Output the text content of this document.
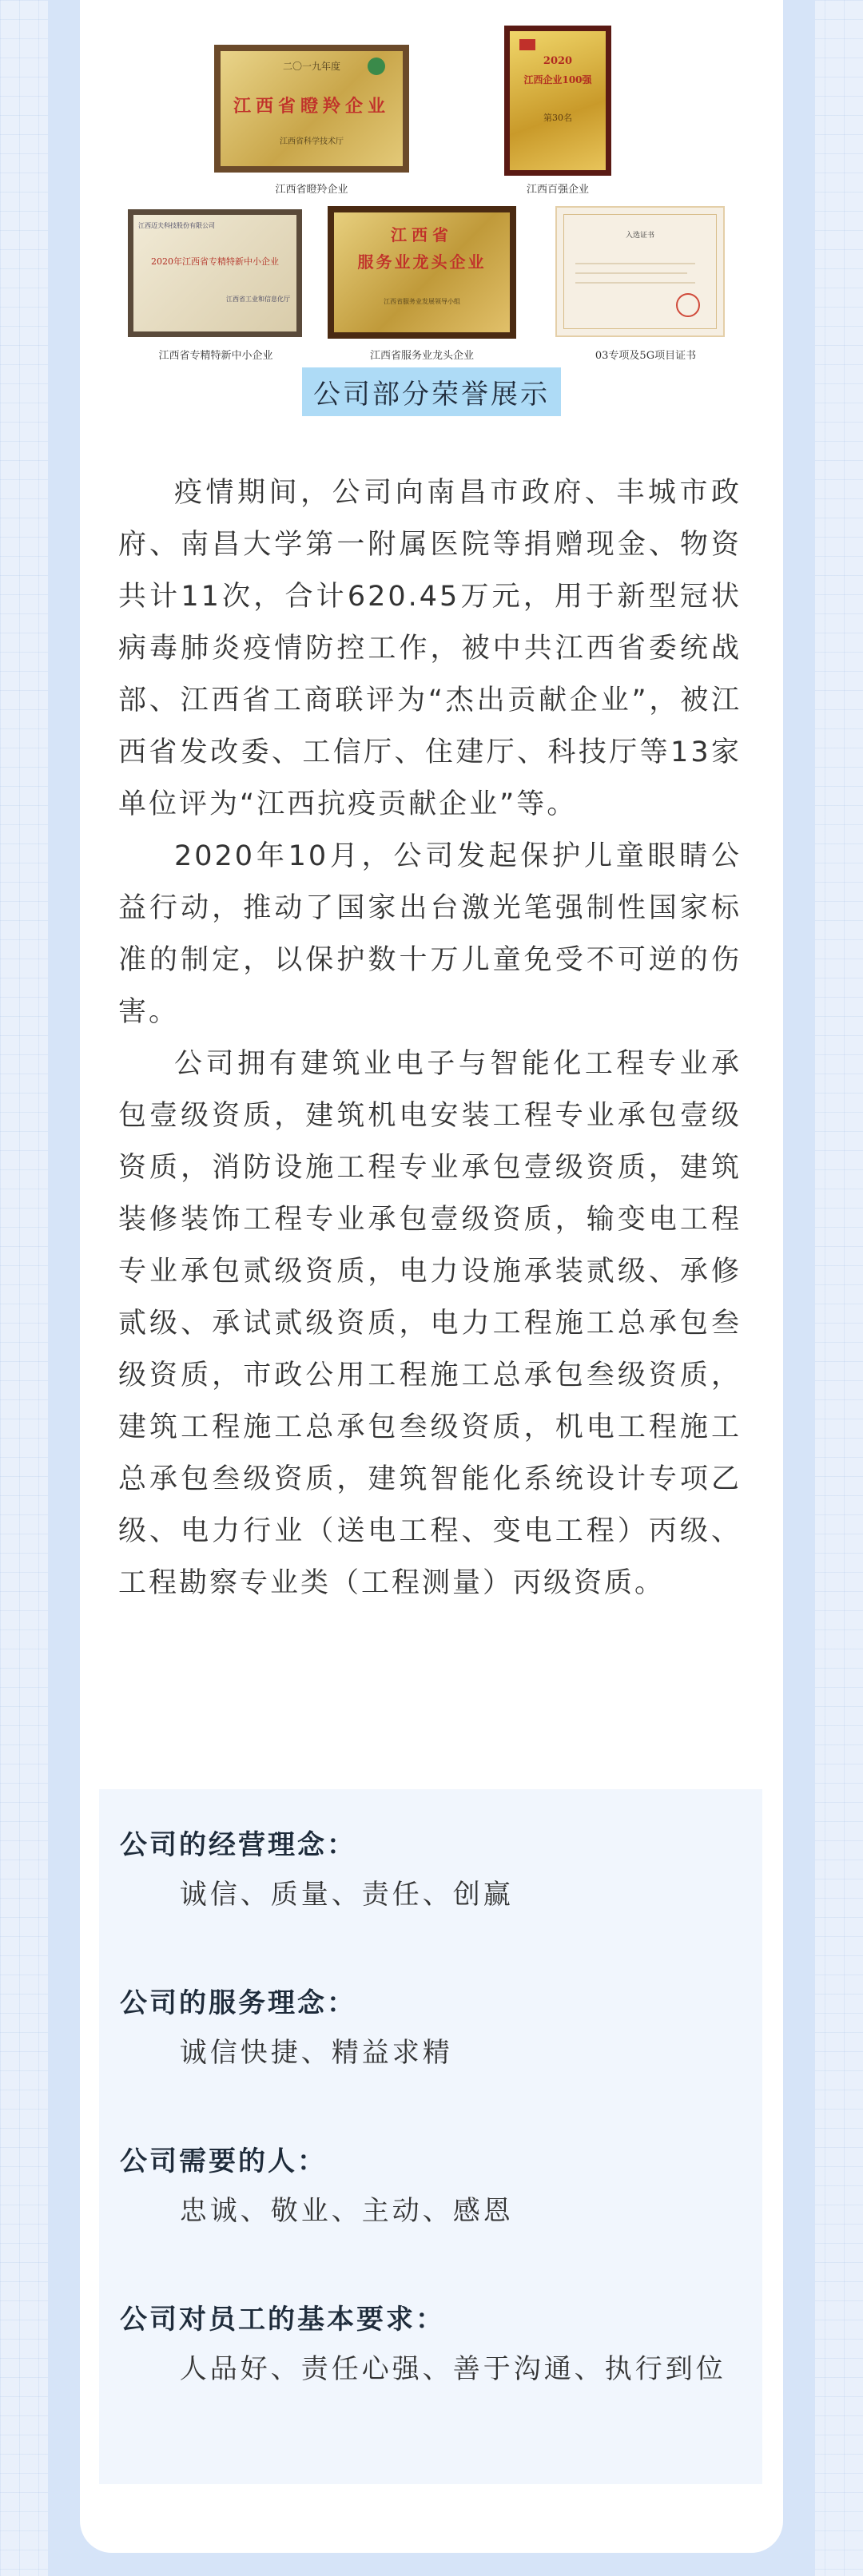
二〇一九年度
江西省瞪羚企业
江西省科学技术厅
江西省瞪羚企业
2020
江西企业100强
第30名
江西百强企业
江西迈夫科技股份有限公司
2020年江西省专精特新中小企业
江西省工业和信息化厅
江西省专精特新中小企业
江西省
服务业龙头企业
江西省服务业发展领导小组
江西省服务业龙头企业
入选证书
03专项及5G项目证书
公司部分荣誉展示

疫情期间，公司向南昌市政府、丰城市政府、南昌大学第一附属医院等捐赠现金、物资共计11次，合计620.45万元，用于新型冠状病毒肺炎疫情防控工作，被中共江西省委统战部、江西省工商联评为“杰出贡献企业”，被江西省发改委、工信厅、住建厅、科技厅等13家单位评为“江西抗疫贡献企业”等。

2020年10月，公司发起保护儿童眼睛公益行动，推动了国家出台激光笔强制性国家标准的制定，以保护数十万儿童免受不可逆的伤害。

公司拥有建筑业电子与智能化工程专业承包壹级资质，建筑机电安装工程专业承包壹级资质，消防设施工程专业承包壹级资质，建筑装修装饰工程专业承包壹级资质，输变电工程专业承包贰级资质，电力设施承装贰级、承修贰级、承试贰级资质，电力工程施工总承包叁级资质，市政公用工程施工总承包叁级资质，建筑工程施工总承包叁级资质，机电工程施工总承包叁级资质，建筑智能化系统设计专项乙级、电力行业（送电工程、变电工程）丙级、工程勘察专业类（工程测量）丙级资质。

公司的经营理念：
诚信、质量、责任、创赢
公司的服务理念：
诚信快捷、精益求精
公司需要的人：
忠诚、敬业、主动、感恩
公司对员工的基本要求：
人品好、责任心强、善于沟通、执行到位
